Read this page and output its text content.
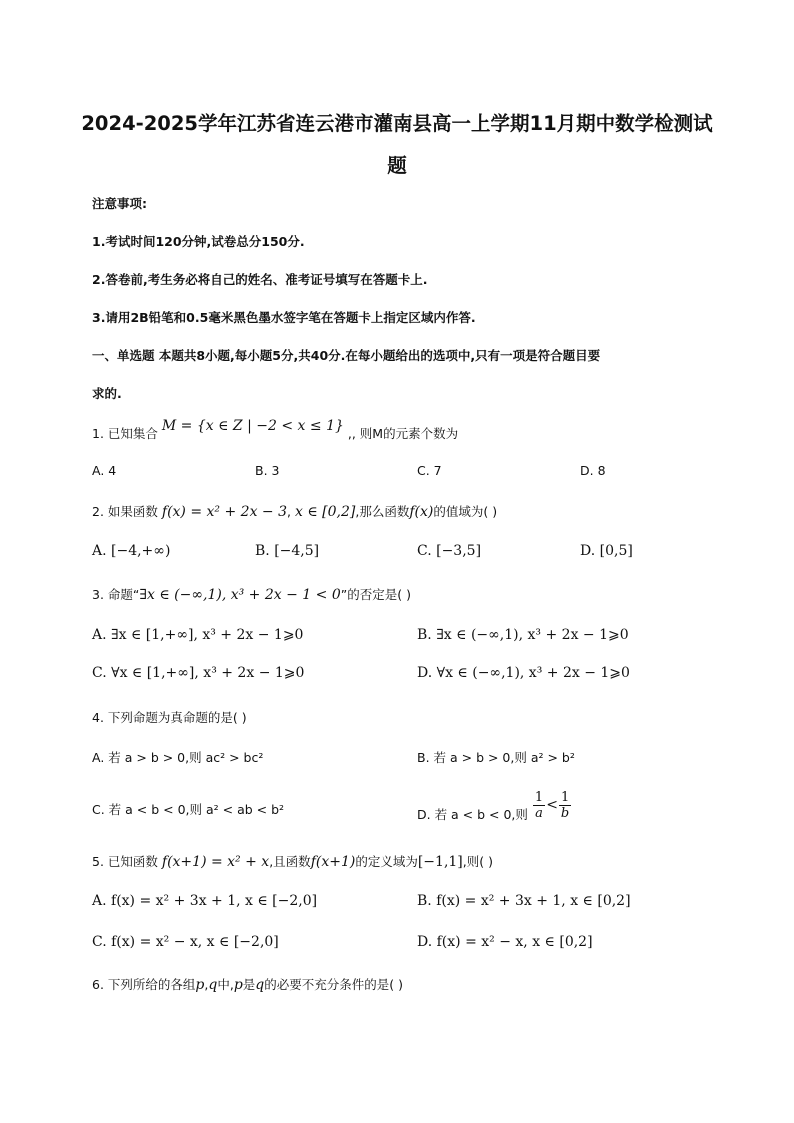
2024-2025学年江苏省连云港市灌南县高一上学期11月期中数学检测试
题
注意事项:
1.考试时间120分钟,试卷总分150分.
2.答卷前,考生务必将自己的姓名、准考证号填写在答题卡上.
3.请用2B铅笔和0.5毫米黑色墨水签字笔在答题卡上指定区域内作答.
一、单选题 本题共8小题,每小题5分,共40分.在每小题给出的选项中,只有一项是符合题目要
求的.
1. 已知集合 M = {x ∈ Z | −2 < x ≤ 1} ,, 则M的元素个数为
A. 4	B. 3	C. 7	D. 8
2. 如果函数 f(x) = x² + 2x − 3, x ∈ [0,2],那么函数f(x)的值域为( )
A. [−4,+∞)	B. [−4,5]	C. [−3,5]	D. [0,5]
3. 命题“∃x ∈ (−∞,1), x³ + 2x − 1 < 0”的否定是( )
A. ∃x ∈ [1,+∞], x³ + 2x − 1⩾0	B. ∃x ∈ (−∞,1), x³ + 2x − 1⩾0
C. ∀x ∈ [1,+∞], x³ + 2x − 1⩾0	D. ∀x ∈ (−∞,1), x³ + 2x − 1⩾0
4. 下列命题为真命题的是( )
A. 若 a > b > 0,则 ac² > bc²	B. 若 a > b > 0,则 a² > b²
C. 若 a < b < 0,则 a² < ab < b²	D. 若 a < b < 0,则 $\frac{1}{a} < \frac{1}{b}$
5. 已知函数 f(x+1) = x² + x,且函数f(x+1)的定义域为[−1,1],则( )
A. f(x) = x² + 3x + 1, x ∈ [−2,0]	B. f(x) = x² + 3x + 1, x ∈ [0,2]
C. f(x) = x² − x, x ∈ [−2,0]	D. f(x) = x² − x, x ∈ [0,2]
6. 下列所给的各组p,q中,p是q的必要不充分条件的是( )
